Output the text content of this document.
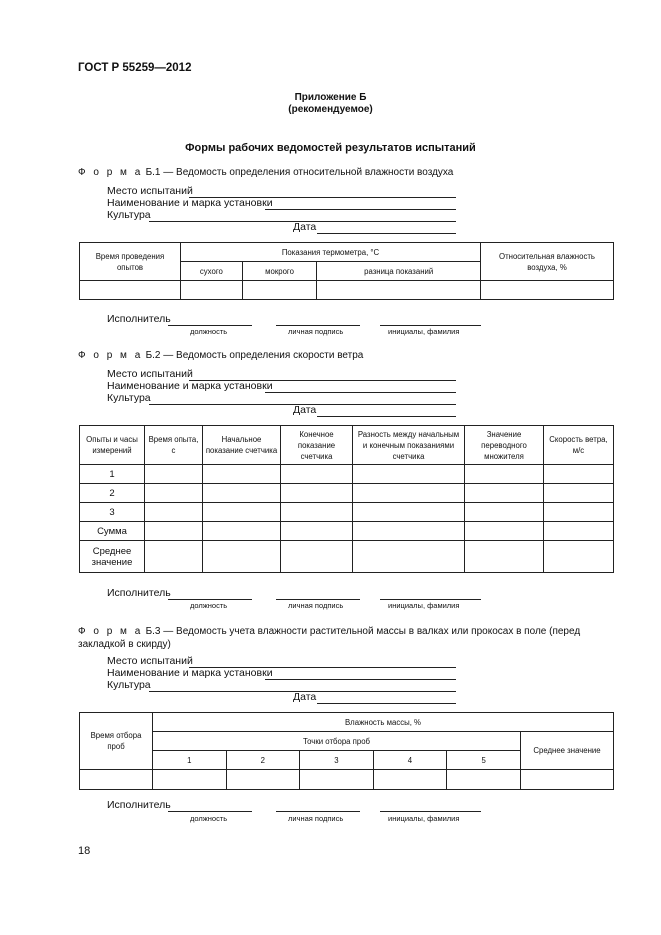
ГОСТ Р 55259—2012
Приложение Б
(рекомендуемое)
Формы рабочих ведомостей результатов испытаний
Ф о р м а Б.1 — Ведомость определения относительной влажности воздуха
Место испытаний
Наименование и марка установки
Культура
Дата
Время проведения опытов	Показания термометра, °С			Относительная влажность воздуха, %
	сухого	мокрого	разница показаний	

Исполнитель
должность	личная подпись	инициалы, фамилия
Ф о р м а Б.2 — Ведомость определения скорости ветра
Место испытаний
Наименование и марка установки
Культура
Дата
Опыты и часы измерений	Время опыта, с	Начальное показание счетчика	Конечное показание счетчика	Разность между начальным и конечным показаниями счетчика	Значение переводного множителя	Скорость ветра, м/с
1						
2						
3						
Сумма						
Среднее значение						
Исполнитель
должность	личная подпись	инициалы, фамилия
Ф о р м а Б.3 — Ведомость учета влажности растительной массы в валках или прокосах в поле (перед закладкой в скирду)
Место испытаний
Наименование и марка установки
Культура
Дата
Время отбора проб	Влажность массы, %					
	Точки отбора проб					Среднее значение
	1	2	3	4	5	

Исполнитель
должность	личная подпись	инициалы, фамилия
18
